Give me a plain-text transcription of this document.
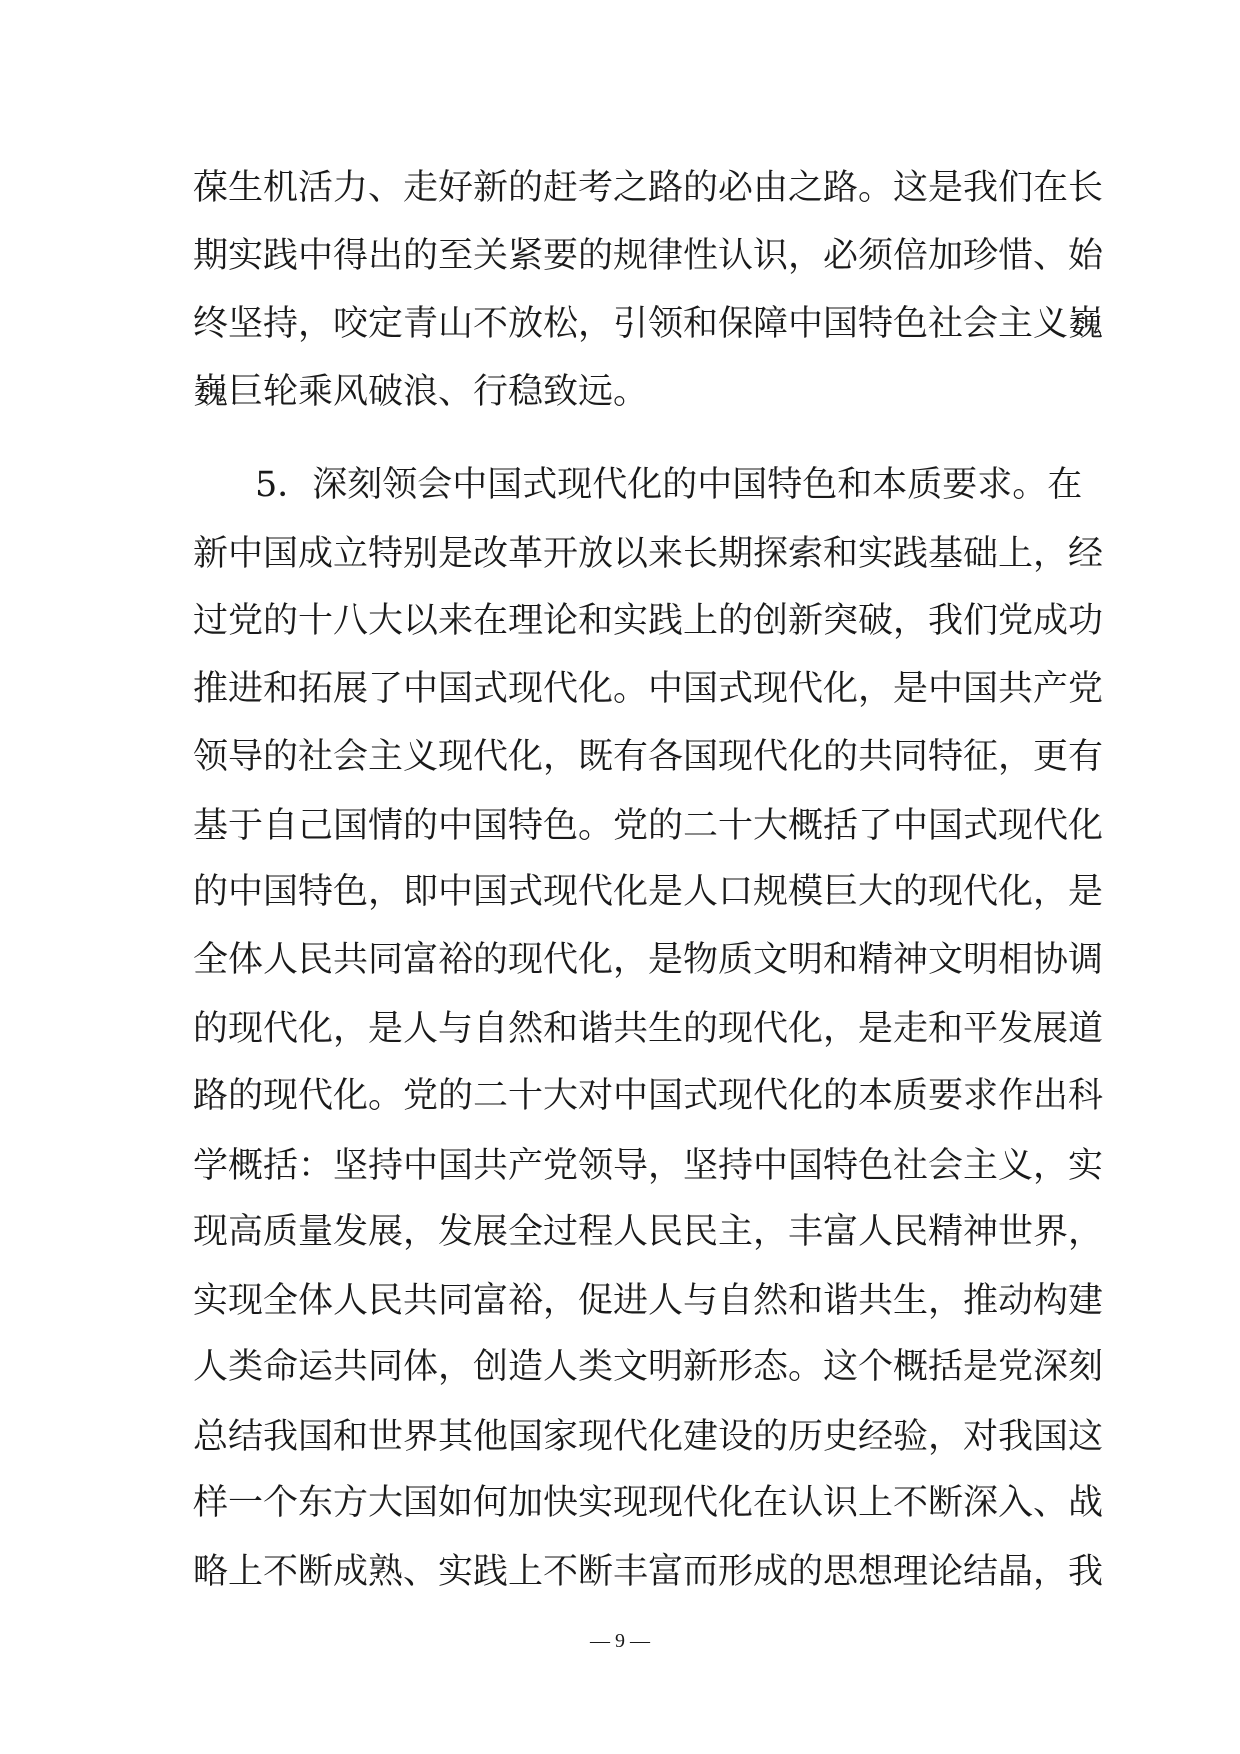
葆生机活力、走好新的赶考之路的必由之路。这是我们在长
期实践中得出的至关紧要的规律性认识，必须倍加珍惜、始
终坚持，咬定青山不放松，引领和保障中国特色社会主义巍
巍巨轮乘风破浪、行稳致远。
5．深刻领会中国式现代化的中国特色和本质要求。在
新中国成立特别是改革开放以来长期探索和实践基础上，经
过党的十八大以来在理论和实践上的创新突破，我们党成功
推进和拓展了中国式现代化。中国式现代化，是中国共产党
领导的社会主义现代化，既有各国现代化的共同特征，更有
基于自己国情的中国特色。党的二十大概括了中国式现代化
的中国特色，即中国式现代化是人口规模巨大的现代化，是
全体人民共同富裕的现代化，是物质文明和精神文明相协调
的现代化，是人与自然和谐共生的现代化，是走和平发展道
路的现代化。党的二十大对中国式现代化的本质要求作出科
学概括：坚持中国共产党领导，坚持中国特色社会主义，实
现高质量发展，发展全过程人民民主，丰富人民精神世界，
实现全体人民共同富裕，促进人与自然和谐共生，推动构建
人类命运共同体，创造人类文明新形态。这个概括是党深刻
总结我国和世界其他国家现代化建设的历史经验，对我国这
样一个东方大国如何加快实现现代化在认识上不断深入、战
略上不断成熟、实践上不断丰富而形成的思想理论结晶，我
— 9 —
